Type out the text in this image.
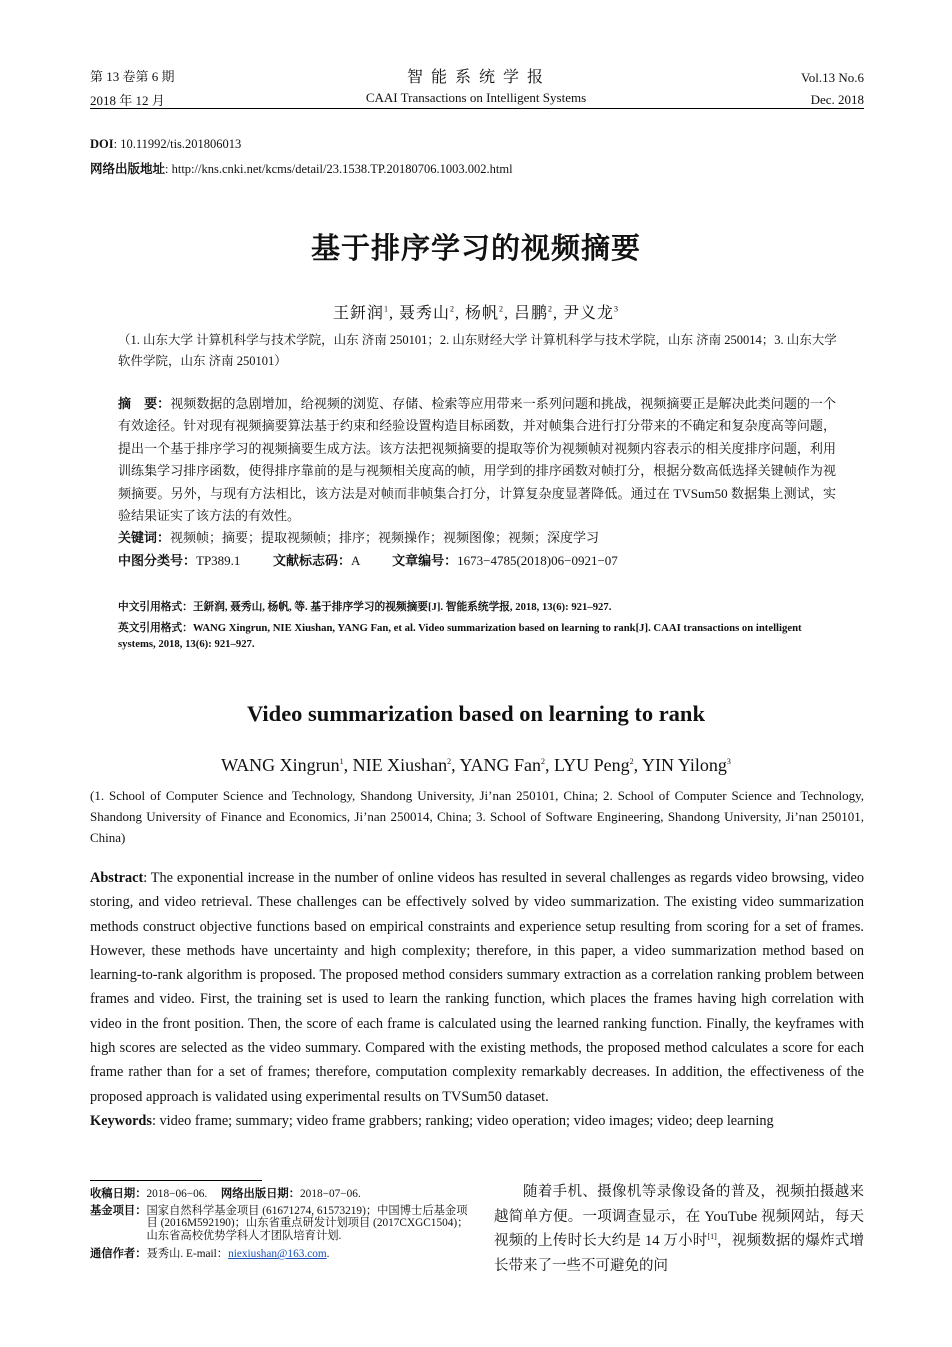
第 13 卷第 6 期
2018 年 12 月
智 能 系 统 学 报
CAAI Transactions on Intelligent Systems
Vol.13 No.6
Dec. 2018
DOI: 10.11992/tis.201806013
网络出版地址: http://kns.cnki.net/kcms/detail/23.1538.TP.20180706.1003.002.html
基于排序学习的视频摘要
王鈃润$^1$, 聂秀山$^2$, 杨帆$^2$, 吕鹏$^2$, 尹义龙$^3$
（1. 山东大学 计算机科学与技术学院，山东 济南 250101；2. 山东财经大学 计算机科学与技术学院，山东 济南 250014；3. 山东大学 软件学院，山东 济南 250101）
摘　要：视频数据的急剧增加，给视频的浏览、存储、检索等应用带来一系列问题和挑战，视频摘要正是解决此类问题的一个有效途径。针对现有视频摘要算法基于约束和经验设置构造目标函数，并对帧集合进行打分带来的不确定和复杂度高等问题，提出一个基于排序学习的视频摘要生成方法。该方法把视频摘要的提取等价为视频帧对视频内容表示的相关度排序问题，利用训练集学习排序函数，使得排序靠前的是与视频相关度高的帧，用学到的排序函数对帧打分，根据分数高低选择关键帧作为视频摘要。另外，与现有方法相比，该方法是对帧而非帧集合打分，计算复杂度显著降低。通过在 TVSum50 数据集上测试，实验结果证实了该方法的有效性。
关键词：视频帧；摘要；提取视频帧；排序；视频操作；视频图像；视频；深度学习
中图分类号：TP389.1	文献标志码：A	文章编号：1673−4785(2018)06−0921−07
中文引用格式：王鈃润, 聂秀山, 杨帆, 等. 基于排序学习的视频摘要[J]. 智能系统学报, 2018, 13(6): 921–927.
英文引用格式：WANG Xingrun, NIE Xiushan, YANG Fan, et al. Video summarization based on learning to rank[J]. CAAI transactions on intelligent systems, 2018, 13(6): 921–927.
Video summarization based on learning to rank
WANG Xingrun$^1$, NIE Xiushan$^2$, YANG Fan$^2$, LYU Peng$^2$, YIN Yilong$^3$
(1. School of Computer Science and Technology, Shandong University, Ji’nan 250101, China; 2. School of Computer Science and Technology, Shandong University of Finance and Economics, Ji’nan 250014, China; 3. School of Software Engineering, Shandong University, Ji’nan 250101, China)
Abstract: The exponential increase in the number of online videos has resulted in several challenges as regards video browsing, video storing, and video retrieval. These challenges can be effectively solved by video summarization. The existing video summarization methods construct objective functions based on empirical constraints and experience setup resulting from scoring for a set of frames. However, these methods have uncertainty and high complexity; therefore, in this paper, a video summarization method based on learning-to-rank algorithm is proposed. The proposed method considers summary extraction as a correlation ranking problem between frames and video. First, the training set is used to learn the ranking function, which places the frames having high correlation with video in the front position. Then, the score of each frame is calculated using the learned ranking function. Finally, the keyframes with high scores are selected as the video summary. Compared with the existing methods, the proposed method calculates a score for each frame rather than for a set of frames; therefore, computation complexity remarkably decreases. In addition, the effectiveness of the proposed approach is validated using experimental results on TVSum50 dataset.
Keywords: video frame; summary; video frame grabbers; ranking; video operation; video images; video; deep learning
收稿日期：2018−06−06. 网络出版日期：2018−07−06.
基金项目： 国家自然科学基金项目 (61671274, 61573219)；中国博士后基金项目 (2016M592190)；山东省重点研发计划项目 (2017CXGC1504)；山东省高校优势学科人才团队培育计划.
通信作者：聂秀山. E-mail：niexiushan@163.com.
随着手机、摄像机等录像设备的普及，视频拍摄越来越简单方便。一项调查显示，在 YouTube 视频网站，每天视频的上传时长大约是 14 万小时[1]，视频数据的爆炸式增长带来了一些不可避免的问
